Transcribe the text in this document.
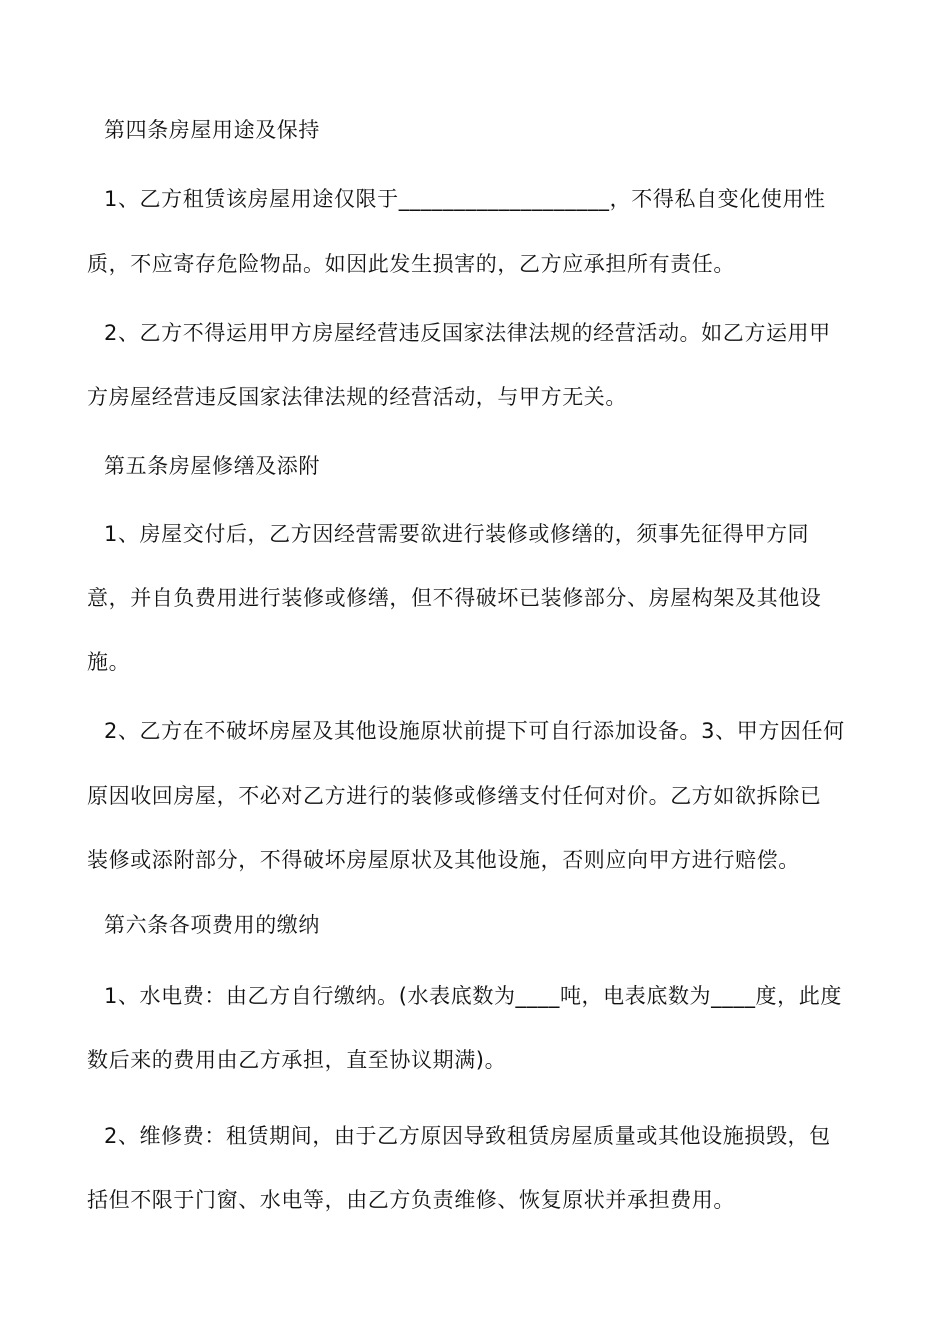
第四条房屋用途及保持
1、乙方租赁该房屋用途仅限于___________________，不得私自变化使用性
质，不应寄存危险物品。如因此发生损害的，乙方应承担所有责任。
2、乙方不得运用甲方房屋经营违反国家法律法规的经营活动。如乙方运用甲
方房屋经营违反国家法律法规的经营活动，与甲方无关。
第五条房屋修缮及添附
1、房屋交付后，乙方因经营需要欲进行装修或修缮的，须事先征得甲方同
意，并自负费用进行装修或修缮，但不得破坏已装修部分、房屋构架及其他设
施。
2、乙方在不破坏房屋及其他设施原状前提下可自行添加设备。3、甲方因任何
原因收回房屋，不必对乙方进行的装修或修缮支付任何对价。乙方如欲拆除已
装修或添附部分，不得破坏房屋原状及其他设施，否则应向甲方进行赔偿。
第六条各项费用的缴纳
1、水电费：由乙方自行缴纳。(水表底数为____吨，电表底数为____度，此度
数后来的费用由乙方承担，直至协议期满)。
2、维修费：租赁期间，由于乙方原因导致租赁房屋质量或其他设施损毁，包
括但不限于门窗、水电等，由乙方负责维修、恢复原状并承担费用。
